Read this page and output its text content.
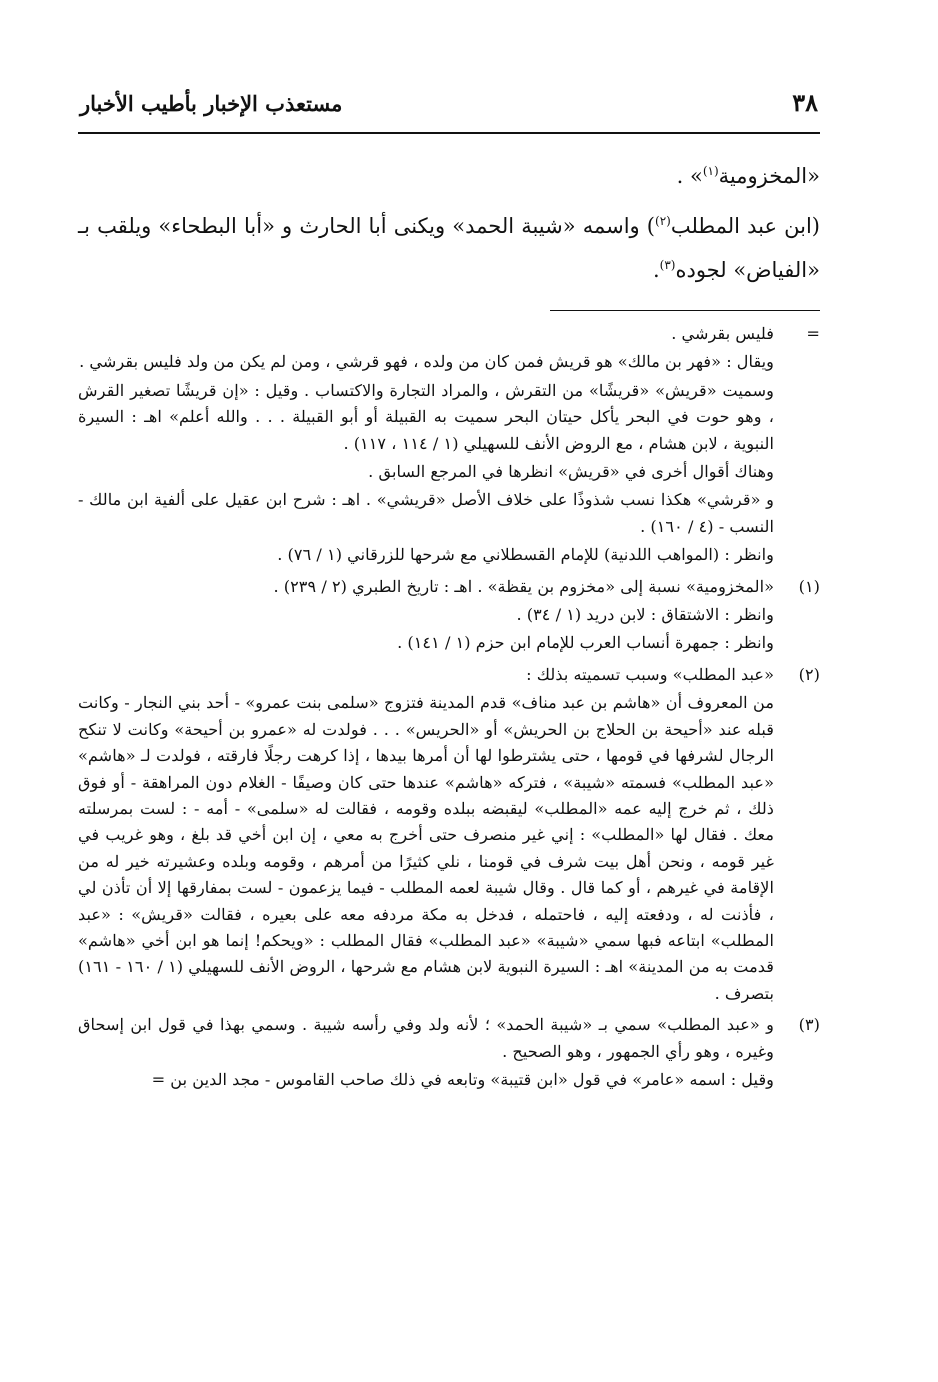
٣٨
مستعذب الإخبار بأطيب الأخبار

«المخزومية$^{(١)}$» .

(ابن عبد المطلب$^{(٢)}$) واسمه «شيبة الحمد» ويكنى أبا الحارث و «أبا البطحاء» ويلقب بـ «الفياض» لجوده$^{(٣)}$.

=

فليس بقرشي .

ويقال : «فهر بن مالك» هو قريش فمن كان من ولده ، فهو قرشي ، ومن لم يكن من ولد فليس بقرشي .

وسميت «قريش» «قريشًا» من التقرش ، والمراد التجارة والاكتساب . وقيل : «إن قريشًا تصغير القرش ، وهو حوت في البحر يأكل حيتان البحر سميت به القبيلة أو أبو القبيلة . . . والله أعلم» اهـ : السيرة النبوية ، لابن هشام ، مع الروض الأنف للسهيلي (١ / ١١٤ ، ١١٧) .

وهناك أقوال أخرى في «قريش» انظرها في المرجع السابق .

و «قرشي» هكذا نسب شذوذًا على خلاف الأصل «قريشي» . اهـ : شرح ابن عقيل على ألفية ابن مالك - النسب - (٤ / ١٦٠) .

وانظر : (المواهب اللدنية) للإمام القسطلاني مع شرحها للزرقاني (١ / ٧٦) .

(١)

«المخزومية» نسبة إلى «مخزوم بن يقظة» . اهـ : تاريخ الطبري (٢ / ٢٣٩) .

وانظر : الاشتقاق : لابن دريد (١ / ٣٤) .

وانظر : جمهرة أنساب العرب للإمام ابن حزم (١ / ١٤١) .

(٢)

«عبد المطلب» وسبب تسميته بذلك :

من المعروف أن «هاشم بن عبد مناف» قدم المدينة فتزوج «سلمى بنت عمرو» - أحد بني النجار - وكانت قبله عند «أحيحة بن الحلاج بن الحريش» أو «الحريس» . . . فولدت له «عمرو بن أحيحة» وكانت لا تنكح الرجال لشرفها في قومها ، حتى يشترطوا لها أن أمرها بيدها ، إذا كرهت رجلًا فارقته ، فولدت لـ «هاشم» «عبد المطلب» فسمته «شيبة» ، فتركه «هاشم» عندها حتى كان وصيفًا - الغلام دون المراهقة - أو فوق ذلك ، ثم خرج إليه عمه «المطلب» ليقبضه ببلده وقومه ، فقالت له «سلمى» - أمه - : لست بمرسلته معك . فقال لها «المطلب» : إني غير منصرف حتى أخرج به معي ، إن ابن أخي قد بلغ ، وهو غريب في غير قومه ، ونحن أهل بيت شرف في قومنا ، نلي كثيرًا من أمرهم ، وقومه وبلده وعشيرته خير له من الإقامة في غيرهم ، أو كما قال . وقال شيبة لعمه المطلب - فيما يزعمون - لست بمفارقها إلا أن تأذن لي ، فأذنت له ، ودفعته إليه ، فاحتمله ، فدخل به مكة مردفه معه على بعيره ، فقالت «قريش» : «عبد المطلب» ابتاعه فبها سمي «شيبة» «عبد المطلب» فقال المطلب : «ويحكم! إنما هو ابن أخي «هاشم» قدمت به من المدينة» اهـ : السيرة النبوية لابن هشام مع شرحها ، الروض الأنف للسهيلي (١ / ١٦٠ - ١٦١) بتصرف .

(٣)

و «عبد المطلب» سمي بـ «شيبة الحمد» ؛ لأنه ولد وفي رأسه شيبة . وسمي بهذا في قول ابن إسحاق وغيره ، وهو رأي الجمهور ، وهو الصحيح .

وقيل : اسمه «عامر» في قول «ابن قتيبة» وتابعه في ذلك صاحب القاموس - مجد الدين بن =
